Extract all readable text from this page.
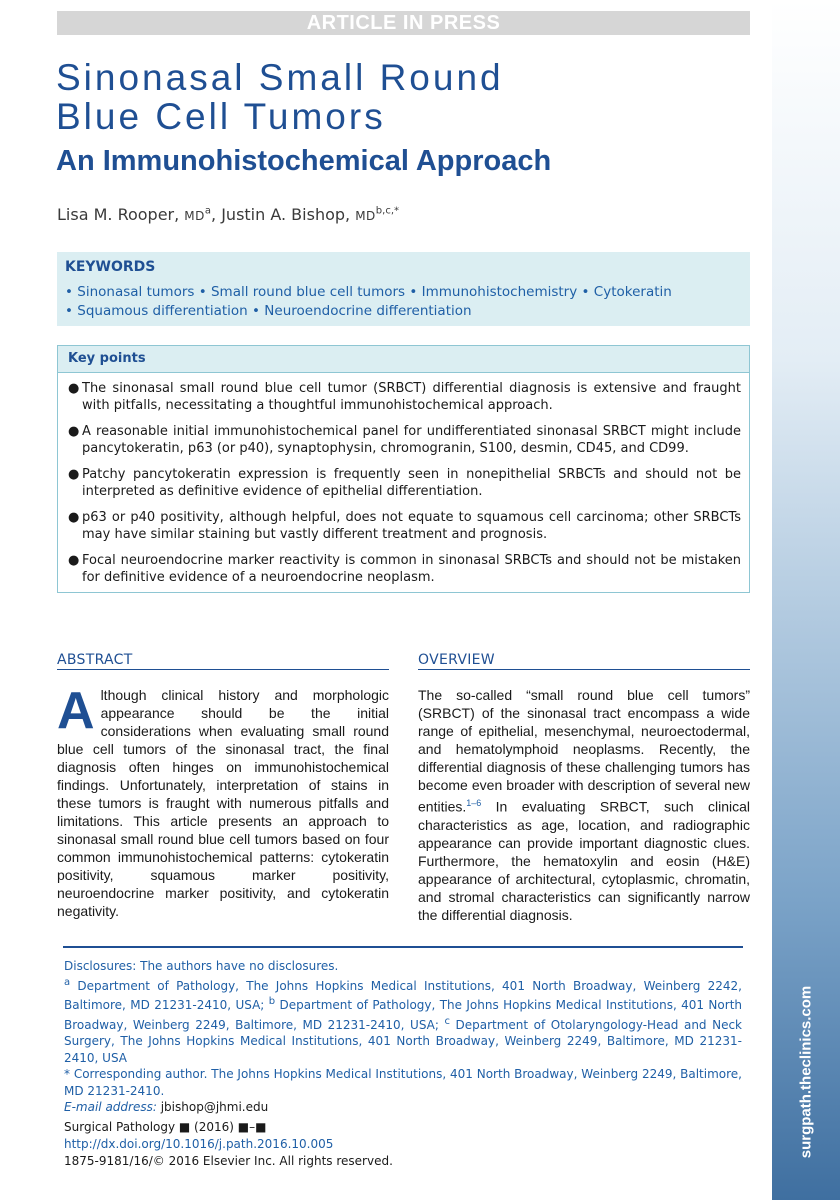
surgpath.theclinics.com
ARTICLE IN PRESS
Sinonasal Small Round
Blue Cell Tumors
An Immunohistochemical Approach
Lisa M. Rooper, $MD^a$, Justin A. Bishop, $MD^{b,c,*}$
KEYWORDS
• Sinonasal tumors • Small round blue cell tumors • Immunohistochemistry • Cytokeratin
• Squamous differentiation • Neuroendocrine differentiation
Key points
● The sinonasal small round blue cell tumor (SRBCT) differential diagnosis is extensive and fraught with pitfalls, necessitating a thoughtful immunohistochemical approach.
● A reasonable initial immunohistochemical panel for undifferentiated sinonasal SRBCT might include pancytokeratin, p63 (or p40), synaptophysin, chromogranin, S100, desmin, CD45, and CD99.
● Patchy pancytokeratin expression is frequently seen in nonepithelial SRBCTs and should not be interpreted as definitive evidence of epithelial differentiation.
● p63 or p40 positivity, although helpful, does not equate to squamous cell carcinoma; other SRBCTs may have similar staining but vastly different treatment and prognosis.
● Focal neuroendocrine marker reactivity is common in sinonasal SRBCTs and should not be mistaken for definitive evidence of a neuroendocrine neoplasm.
ABSTRACT
Although clinical history and morphologic appearance should be the initial considerations when evaluating small round blue cell tumors of the sinonasal tract, the final diagnosis often hinges on immunohistochemical findings. Unfortunately, interpretation of stains in these tumors is fraught with numerous pitfalls and limitations. This article presents an approach to sinonasal small round blue cell tumors based on four common immunohistochemical patterns: cytokeratin positivity, squamous marker positivity, neuroendocrine marker positivity, and cytokeratin negativity.
OVERVIEW
The so-called “small round blue cell tumors” (SRBCT) of the sinonasal tract encompass a wide range of epithelial, mesenchymal, neuroectodermal, and hematolymphoid neoplasms. Recently, the differential diagnosis of these challenging tumors has become even broader with description of several new entities.$^{1-6}$ In evaluating SRBCT, such clinical characteristics as age, location, and radiographic appearance can provide important diagnostic clues. Furthermore, the hematoxylin and eosin (H&E) appearance of architectural, cytoplasmic, chromatin, and stromal characteristics can significantly narrow the differential diagnosis.

Disclosures: The authors have no disclosures.

$^a$ Department of Pathology, The Johns Hopkins Medical Institutions, 401 North Broadway, Weinberg 2242, Baltimore, MD 21231-2410, USA; $^b$ Department of Pathology, The Johns Hopkins Medical Institutions, 401 North Broadway, Weinberg 2249, Baltimore, MD 21231-2410, USA; $^c$ Department of Otolaryngology-Head and Neck Surgery, The Johns Hopkins Medical Institutions, 401 North Broadway, Weinberg 2249, Baltimore, MD 21231-2410, USA

* Corresponding author. The Johns Hopkins Medical Institutions, 401 North Broadway, Weinberg 2249, Baltimore, MD 21231-2410.

E-mail address: jbishop@jhmi.edu

Surgical Pathology ■ (2016) ■–■
http://dx.doi.org/10.1016/j.path.2016.10.005
1875-9181/16/© 2016 Elsevier Inc. All rights reserved.
